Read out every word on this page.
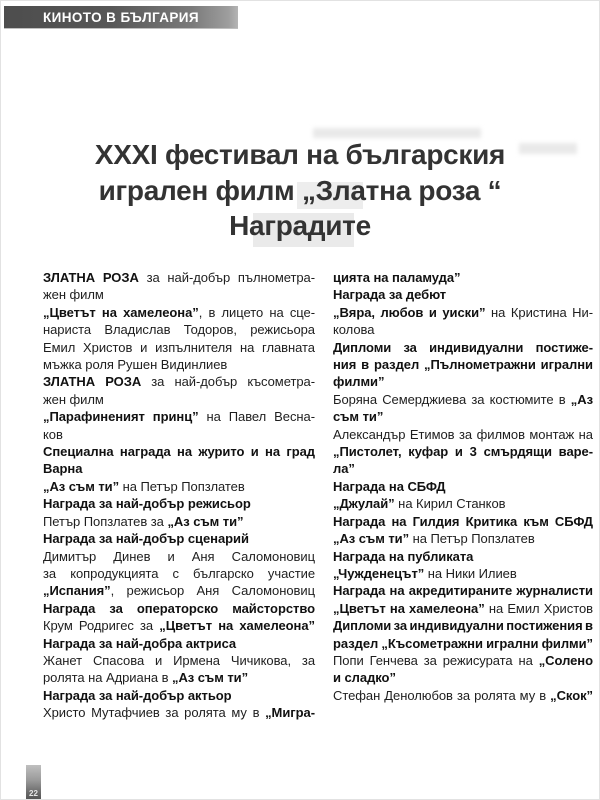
КИНОТО В БЪЛГАРИЯ
XXXI фестивал на българския
игрален филм „Златна роза “
Наградите
ЗЛАТНА РОЗА за най-добър пълнометра-
жен филм
„Цветът на хамелеона”, в лицето на сце-
нариста Владислав Тодоров, режисьора
Емил Христов и изпълнителя на главната
мъжка роля Рушен Видинлиев
ЗЛАТНА РОЗА за най-добър късометра-
жен филм
„Парафиненият принц” на Павел Весна-
ков
Специална награда на журито и на град
Варна
„Аз съм ти” на Петър Попзлатев
Награда за най-добър режисьор
Петър Попзлатев за „Аз съм ти”
Награда за най-добър сценарий
Димитър Динев и Аня Саломоновиц
за копродукцията с българско участие
„Испания”, режисьор Аня Саломоновиц
Награда за операторско майсторство
Крум Родригес за „Цветът на хамелеона”
Награда за най-добра актриса
Жанет Спасова и Ирмена Чичикова, за
ролята на Адриана в „Аз съм ти”
Награда за най-добър актьор
Христо Мутафчиев за ролята му в „Мигра-
цията на паламуда”
Награда за дебют
„Вяра, любов и уиски” на Кристина Ни-
колова
Дипломи за индивидуални постиже-
ния в раздел „Пълнометражни игрални
филми”
Боряна Семерджиева за костюмите в „Аз
съм ти”
Александър Етимов за филмов монтаж на
„Пистолет, куфар и 3 смърдящи варе-
ла”
Награда на СБФД
„Джулай” на Кирил Станков
Награда на Гилдия Критика към СБФД
„Аз съм ти” на Петър Попзлатев
Награда на публиката
„Чужденецът” на Ники Илиев
Награда на акредитираните журналисти
„Цветът на хамелеона” на Емил Христов
Дипломи за индивидуални постижения в
раздел „Късометражни игрални филми”
Попи Генчева за режисурата на „Солено
и сладко”
Стефан Денолюбов за ролята му в „Скок”
22
